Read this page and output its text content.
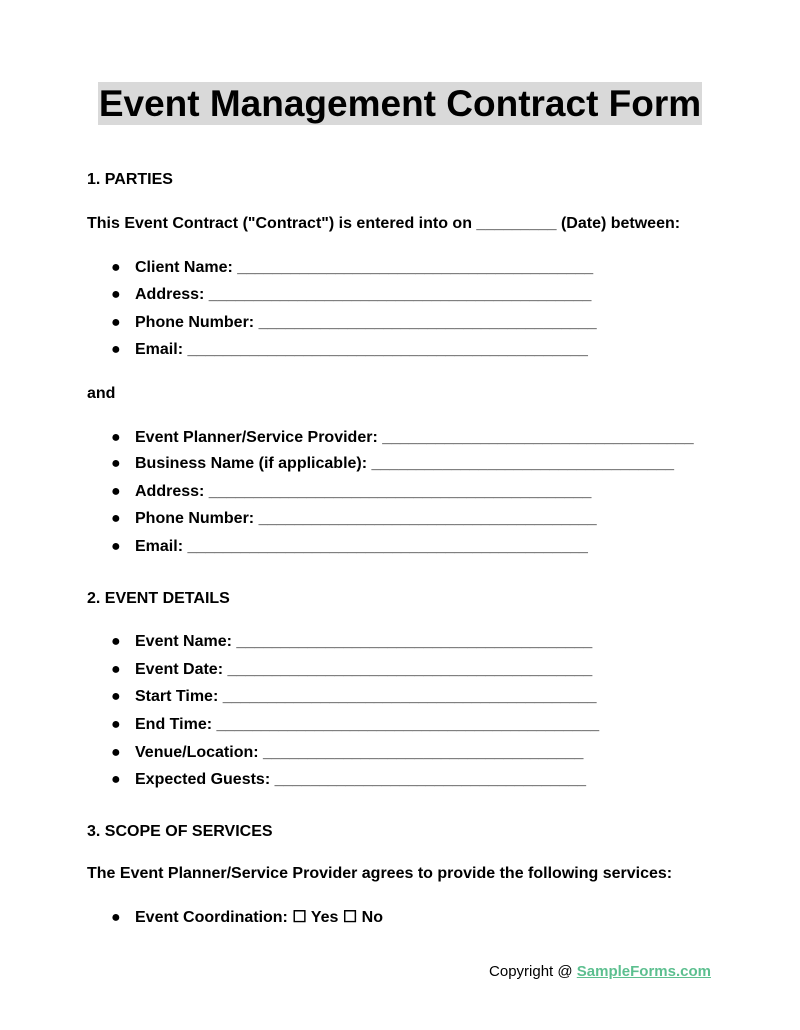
Event Management Contract Form
1. PARTIES
This Event Contract ("Contract") is entered into on _________ (Date) between:
● Client Name: ________________________________________
● Address: ___________________________________________
● Phone Number: ______________________________________
● Email: _____________________________________________
and
● Event Planner/Service Provider: ___________________________________
● Business Name (if applicable): __________________________________
● Address: ___________________________________________
● Phone Number: ______________________________________
● Email: _____________________________________________
2. EVENT DETAILS
● Event Name: ________________________________________
● Event Date: _________________________________________
● Start Time: __________________________________________
● End Time: ___________________________________________
● Venue/Location: ____________________________________
● Expected Guests: ___________________________________
3. SCOPE OF SERVICES
The Event Planner/Service Provider agrees to provide the following services:
● Event Coordination: ☐ Yes ☐ No
Copyright @ SampleForms.com
